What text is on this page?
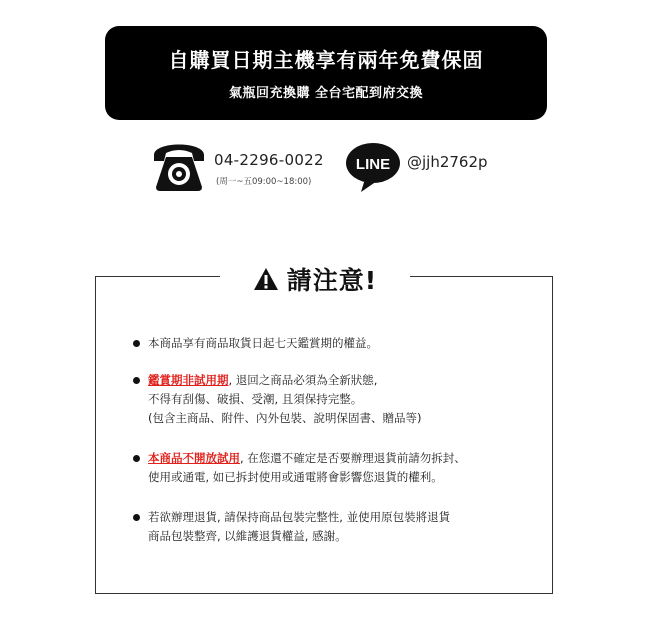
自購買日期主機享有兩年免費保固
氣瓶回充換購 全台宅配到府交換
04-2296-0022
(周一~五09:00~18:00)
LINE @jjh2762p
請注意!
本商品享有商品取貨日起七天鑑賞期的權益。
鑑賞期非試用期, 退回之商品必須為全新狀態,
不得有刮傷、破損、受潮, 且須保持完整。
(包含主商品、附件、內外包裝、說明保固書、贈品等)
本商品不開放試用, 在您還不確定是否要辦理退貨前請勿拆封、
使用或通電, 如已拆封使用或通電將會影響您退貨的權利。
若欲辦理退貨, 請保持商品包裝完整性, 並使用原包裝將退貨
商品包裝整齊, 以維護退貨權益, 感謝。
